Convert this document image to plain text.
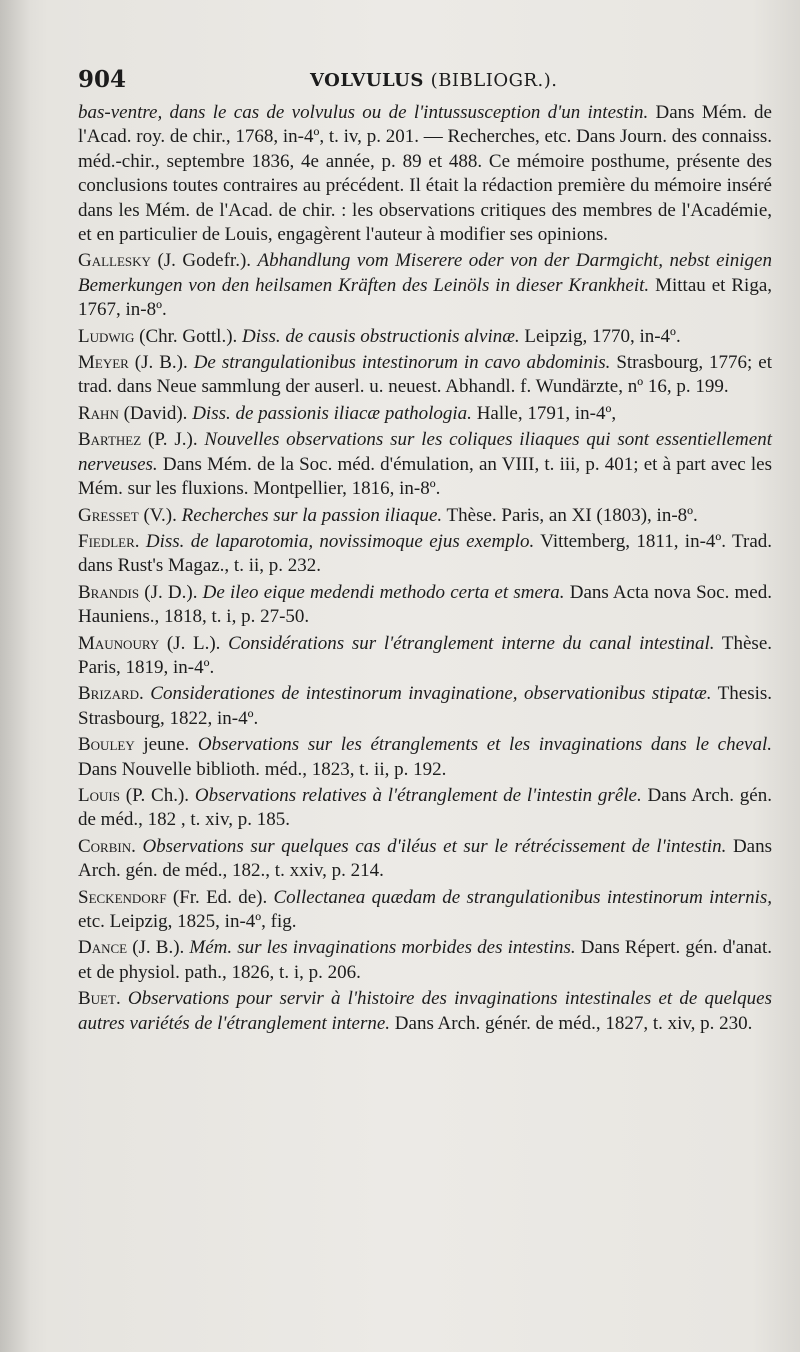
904	VOLVULUS (BIBLIOGR.).

bas-ventre, dans le cas de volvulus ou de l'intussusception d'un intestin. Dans Mém. de l'Acad. roy. de chir., 1768, in-4º, t. iv, p. 201. — Recherches, etc. Dans Journ. des connaiss. méd.-chir., septembre 1836, 4e année, p. 89 et 488. Ce mémoire posthume, présente des conclusions toutes contraires au précédent. Il était la rédaction première du mémoire inséré dans les Mém. de l'Acad. de chir. : les observations critiques des membres de l'Académie, et en particulier de Louis, engagèrent l'auteur à modifier ses opinions.

Gallesky (J. Godefr.). Abhandlung vom Miserere oder von der Darmgicht, nebst einigen Bemerkungen von den heilsamen Kräften des Leinöls in dieser Krankheit. Mittau et Riga, 1767, in-8º.

Ludwig (Chr. Gottl.). Diss. de causis obstructionis alvinæ. Leipzig, 1770, in-4º.

Meyer (J. B.). De strangulationibus intestinorum in cavo abdominis. Strasbourg, 1776; et trad. dans Neue sammlung der auserl. u. neuest. Abhandl. f. Wundärzte, nº 16, p. 199.

Rahn (David). Diss. de passionis iliacæ pathologia. Halle, 1791, in-4º,

Barthez (P. J.). Nouvelles observations sur les coliques iliaques qui sont essentiellement nerveuses. Dans Mém. de la Soc. méd. d'émulation, an VIII, t. iii, p. 401; et à part avec les Mém. sur les fluxions. Montpellier, 1816, in-8º.

Gresset (V.). Recherches sur la passion iliaque. Thèse. Paris, an XI (1803), in-8º.

Fiedler. Diss. de laparotomia, novissimoque ejus exemplo. Vittemberg, 1811, in-4º. Trad. dans Rust's Magaz., t. ii, p. 232.

Brandis (J. D.). De ileo eique medendi methodo certa et smera. Dans Acta nova Soc. med. Hauniens., 1818, t. i, p. 27-50.

Maunoury (J. L.). Considérations sur l'étranglement interne du canal intestinal. Thèse. Paris, 1819, in-4º.

Brizard. Considerationes de intestinorum invaginatione, observationibus stipatæ. Thesis. Strasbourg, 1822, in-4º.

Bouley jeune. Observations sur les étranglements et les invaginations dans le cheval. Dans Nouvelle biblioth. méd., 1823, t. ii, p. 192.

Louis (P. Ch.). Observations relatives à l'étranglement de l'intestin grêle. Dans Arch. gén. de méd., 182 , t. xiv, p. 185.

Corbin. Observations sur quelques cas d'iléus et sur le rétrécissement de l'intestin. Dans Arch. gén. de méd., 182., t. xxiv, p. 214.

Seckendorf (Fr. Ed. de). Collectanea quædam de strangulationibus intestinorum internis, etc. Leipzig, 1825, in-4º, fig.

Dance (J. B.). Mém. sur les invaginations morbides des intestins. Dans Répert. gén. d'anat. et de physiol. path., 1826, t. i, p. 206.

Buet. Observations pour servir à l'histoire des invaginations intestinales et de quelques autres variétés de l'étranglement interne. Dans Arch. génér. de méd., 1827, t. xiv, p. 230.
